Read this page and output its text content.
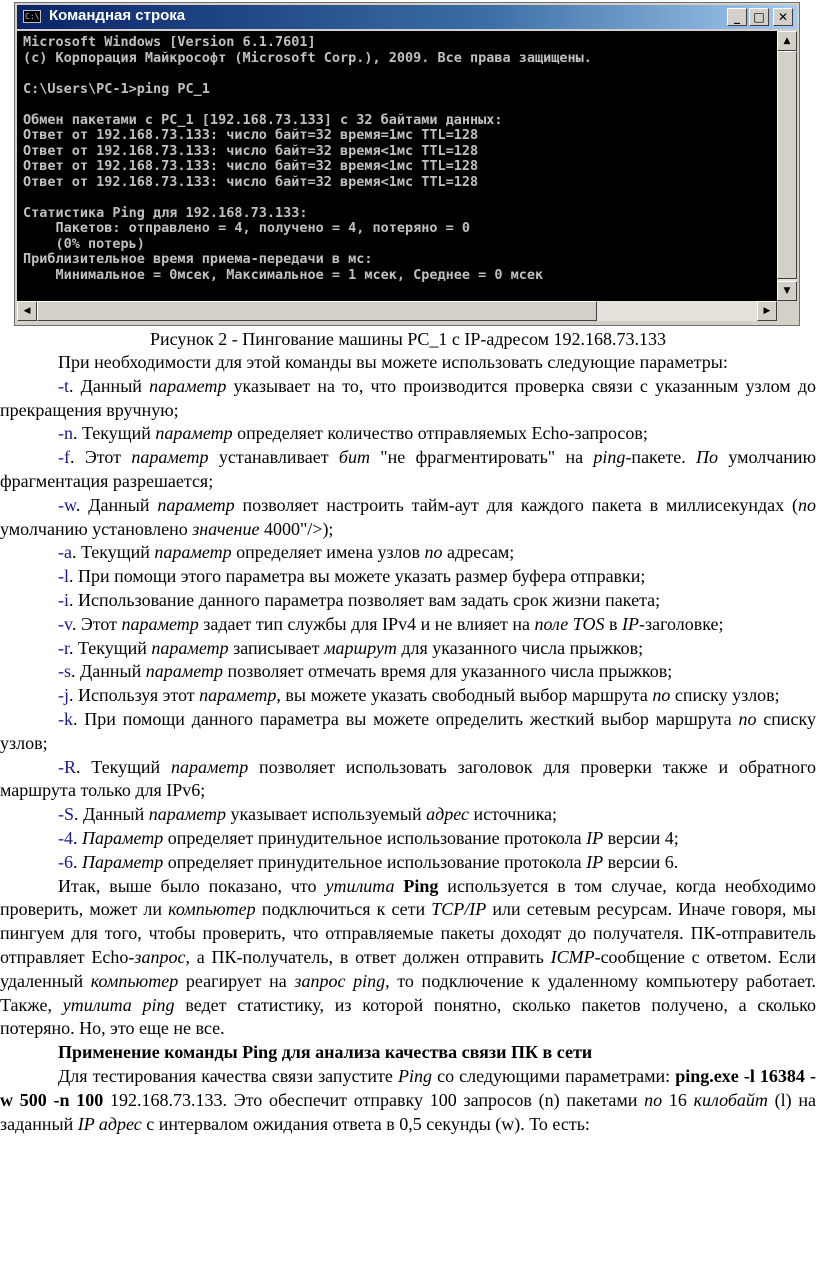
C:\ Командная строка	_	□	✕
Microsoft Windows [Version 6.1.7601]
(c) Корпорация Майкрософт (Microsoft Corp.), 2009. Все права защищены.
C:\Users\PC-1>ping PC_1
Обмен пакетами с PC_1 [192.168.73.133] с 32 байтами данных:
Ответ от 192.168.73.133: число байт=32 время=1мс TTL=128
Ответ от 192.168.73.133: число байт=32 время<1мс TTL=128
Ответ от 192.168.73.133: число байт=32 время<1мс TTL=128
Ответ от 192.168.73.133: число байт=32 время<1мс TTL=128
Статистика Ping для 192.168.73.133:
Пакетов: отправлено = 4, получено = 4, потеряно = 0
(0% потерь)
Приблизительное время приема-передачи в мс:
Минимальное = 0мсек, Максимальное = 1 мсек, Среднее = 0 мсек
▲
▼
◀	▶
Рисунок 2 - Пингование машины PC_1 с IP-адресом 192.168.73.133

При необходимости для этой команды вы можете использовать следующие параметры:

-t. Данный параметр указывает на то, что производится проверка связи с указанным узлом до прекращения вручную;

-n. Текущий параметр определяет количество отправляемых Echo-запросов;

-f. Этот параметр устанавливает бит "не фрагментировать" на ping-пакете. По умолчанию фрагментация разрешается;

-w. Данный параметр позволяет настроить тайм-аут для каждого пакета в миллисекундах (по умолчанию установлено значение 4000"/>);

-a. Текущий параметр определяет имена узлов по адресам;

-l. При помощи этого параметра вы можете указать размер буфера отправки;

-i. Использование данного параметра позволяет вам задать срок жизни пакета;

-v. Этот параметр задает тип службы для IPv4 и не влияет на поле TOS в IP-заголовке;

-r. Текущий параметр записывает маршрут для указанного числа прыжков;

-s. Данный параметр позволяет отмечать время для указанного числа прыжков;

-j. Используя этот параметр, вы можете указать свободный выбор маршрута по списку узлов;

-k. При помощи данного параметра вы можете определить жесткий выбор маршрута по списку узлов;

-R. Текущий параметр позволяет использовать заголовок для проверки также и обратного маршрута только для IPv6;

-S. Данный параметр указывает используемый адрес источника;

-4. Параметр определяет принудительное использование протокола IP версии 4;

-6. Параметр определяет принудительное использование протокола IP версии 6.

Итак, выше было показано, что утилита Ping используется в том случае, когда необходимо проверить, может ли компьютер подключиться к сети TCP/IP или сетевым ресурсам. Иначе говоря, мы пингуем для того, чтобы проверить, что отправляемые пакеты доходят до получателя. ПК-отправитель отправляет Echo-запрос, а ПК-получатель, в ответ должен отправить ICMP-сообщение с ответом. Если удаленный компьютер реагирует на запрос ping, то подключение к удаленному компьютеру работает. Также, утилита ping ведет статистику, из которой понятно, сколько пакетов получено, а сколько потеряно. Но, это еще не все.

Применение команды Ping для анализа качества связи ПК в сети

Для тестирования качества связи запустите Ping со следующими параметрами: ping.exe -l 16384 -w 500 -n 100 192.168.73.133. Это обеспечит отправку 100 запросов (n) пакетами по 16 килобайт (l) на заданный IP адрес с интервалом ожидания ответа в 0,5 секунды (w). То есть:
